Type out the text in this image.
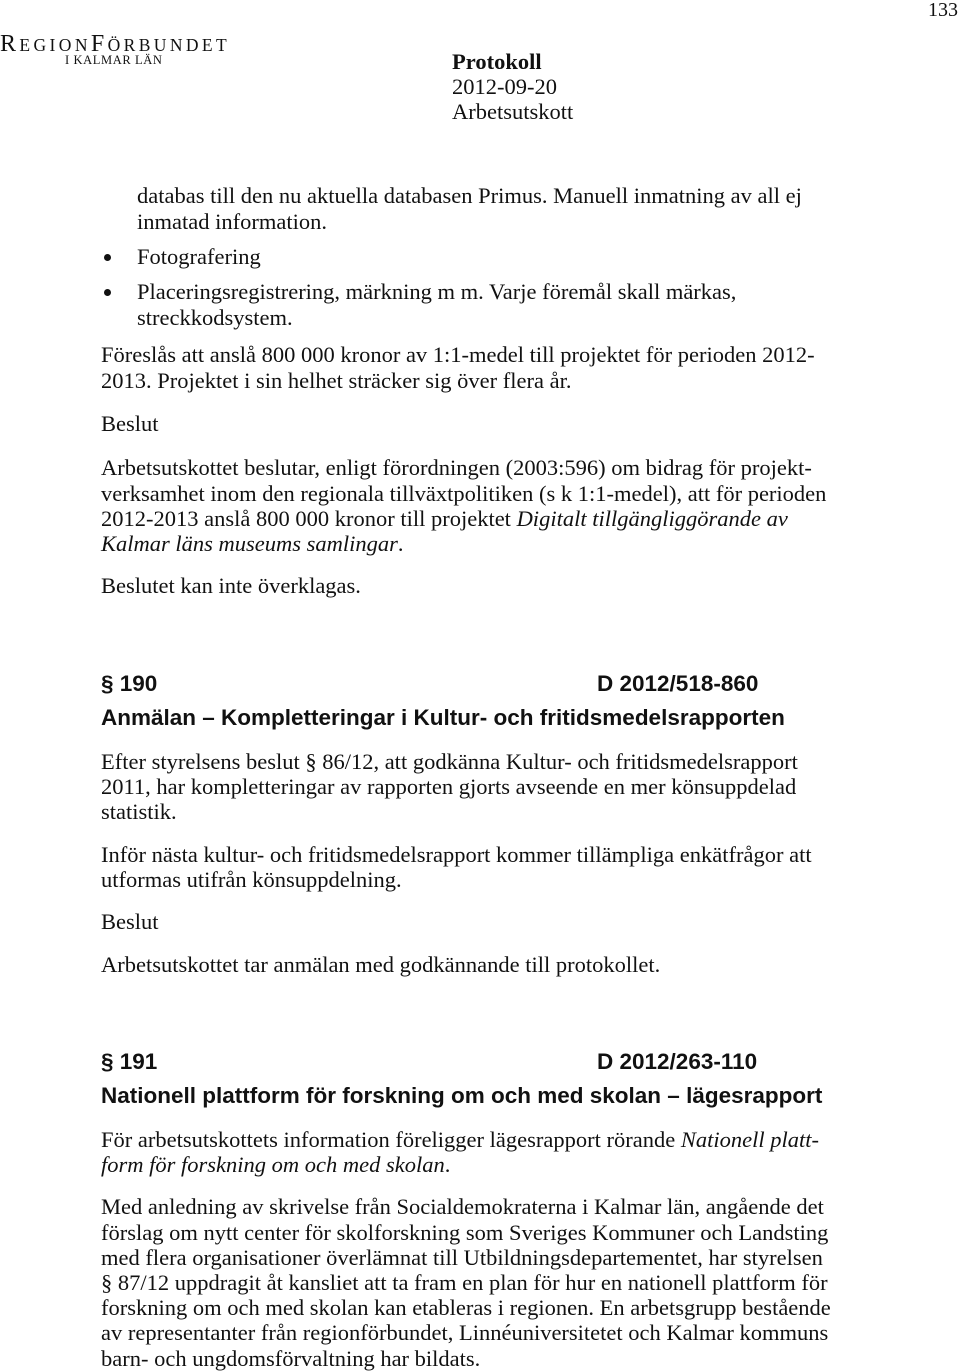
133
REGIONFÖRBUNDET
I KALMAR LÄN	Protokoll
2012-09-20
Arbetsutskott
databas till den nu aktuella databasen Primus. Manuell inmatning av all ej
inmatad information.
Fotografering
Placeringsregistrering, märkning m m. Varje föremål skall märkas,
streckkodsystem.
Föreslås att anslå 800 000 kronor av 1:1-medel till projektet för perioden 2012-
2013. Projektet i sin helhet sträcker sig över flera år.
Beslut
Arbetsutskottet beslutar, enligt förordningen (2003:596) om bidrag för projekt-
verksamhet inom den regionala tillväxtpolitiken (s k 1:1-medel), att för perioden
2012-2013 anslå 800 000 kronor till projektet Digitalt tillgängliggörande av
Kalmar läns museums samlingar.
Beslutet kan inte överklagas.
§ 190	D 2012/518-860
Anmälan – Kompletteringar i Kultur- och fritidsmedelsrapporten
Efter styrelsens beslut § 86/12, att godkänna Kultur- och fritidsmedelsrapport
2011, har kompletteringar av rapporten gjorts avseende en mer könsuppdelad
statistik.
Inför nästa kultur- och fritidsmedelsrapport kommer tillämpliga enkätfrågor att
utformas utifrån könsuppdelning.
Beslut
Arbetsutskottet tar anmälan med godkännande till protokollet.
§ 191	D 2012/263-110
Nationell plattform för forskning om och med skolan – lägesrapport
För arbetsutskottets information föreligger lägesrapport rörande Nationell platt-
form för forskning om och med skolan.
Med anledning av skrivelse från Socialdemokraterna i Kalmar län, angående det
förslag om nytt center för skolforskning som Sveriges Kommuner och Landsting
med flera organisationer överlämnat till Utbildningsdepartementet, har styrelsen
§ 87/12 uppdragit åt kansliet att ta fram en plan för hur en nationell plattform för
forskning om och med skolan kan etableras i regionen. En arbetsgrupp bestående
av representanter från regionförbundet, Linnéuniversitetet och Kalmar kommuns
barn- och ungdomsförvaltning har bildats.
